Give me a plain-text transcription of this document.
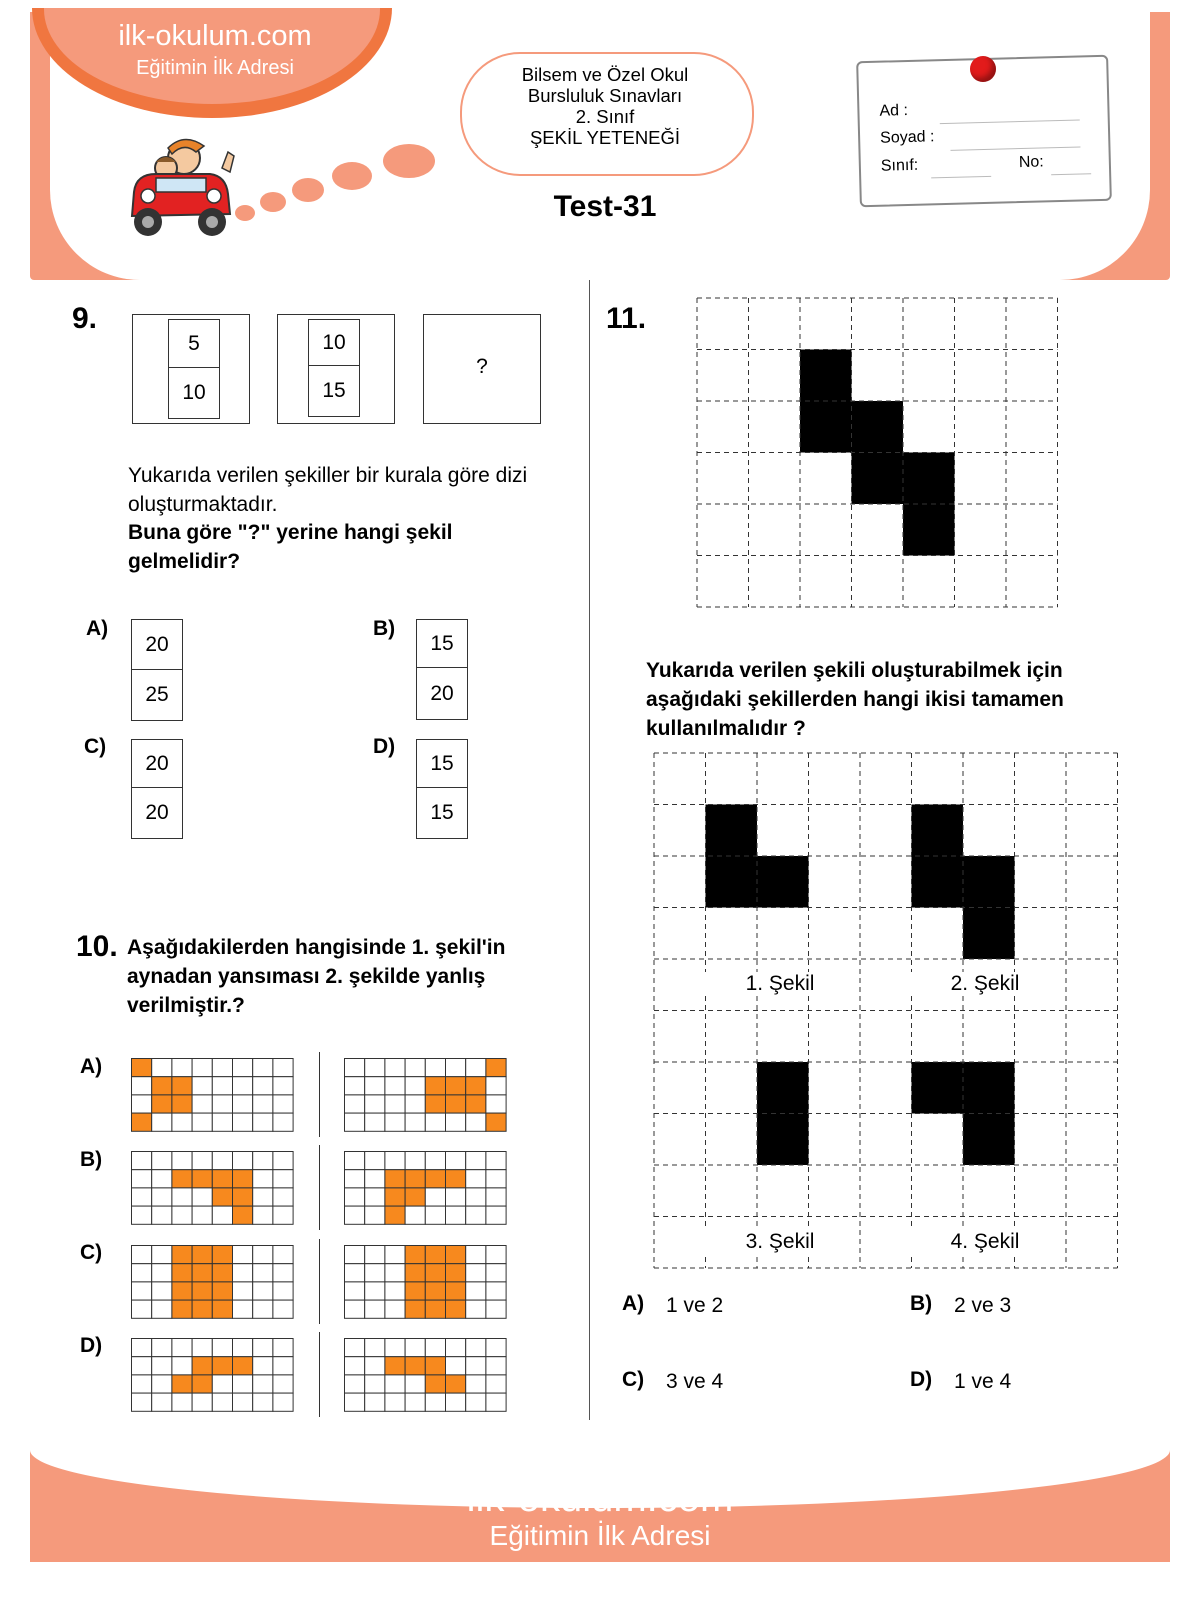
ilk-okulum.com
Eğitimin İlk Adresi	Bilsem ve Özel Okul
Bursluluk Sınavları
2. Sınıf
ŞEKİL YETENEĞİ
Test-31
Ad :
Soyad :
Sınıf:	No:
9.
5
10
10
15
?
Yukarıda verilen şekiller bir kurala göre dizi oluşturmaktadır.
Buna göre "?" yerine hangi şekil gelmelidir?
A)
20
25
B)
15
20
C)
20
20
D)
15
15
10. Aşağıdakilerden hangisinde 1. şekil'in aynadan yansıması 2. şekilde yanlış verilmiştir.?
A)
B)
C)
D)
11.
Yukarıda verilen şekili oluşturabilmek için aşağıdaki şekillerden hangi ikisi tamamen kullanılmalıdır ?
1. Şekil	2. Şekil
3. Şekil	4. Şekil
A) 1 ve 2	B) 2 ve 3
C) 3 ve 4	D) 1 ve 4
ilk-okulum.com
Eğitimin İlk Adresi
